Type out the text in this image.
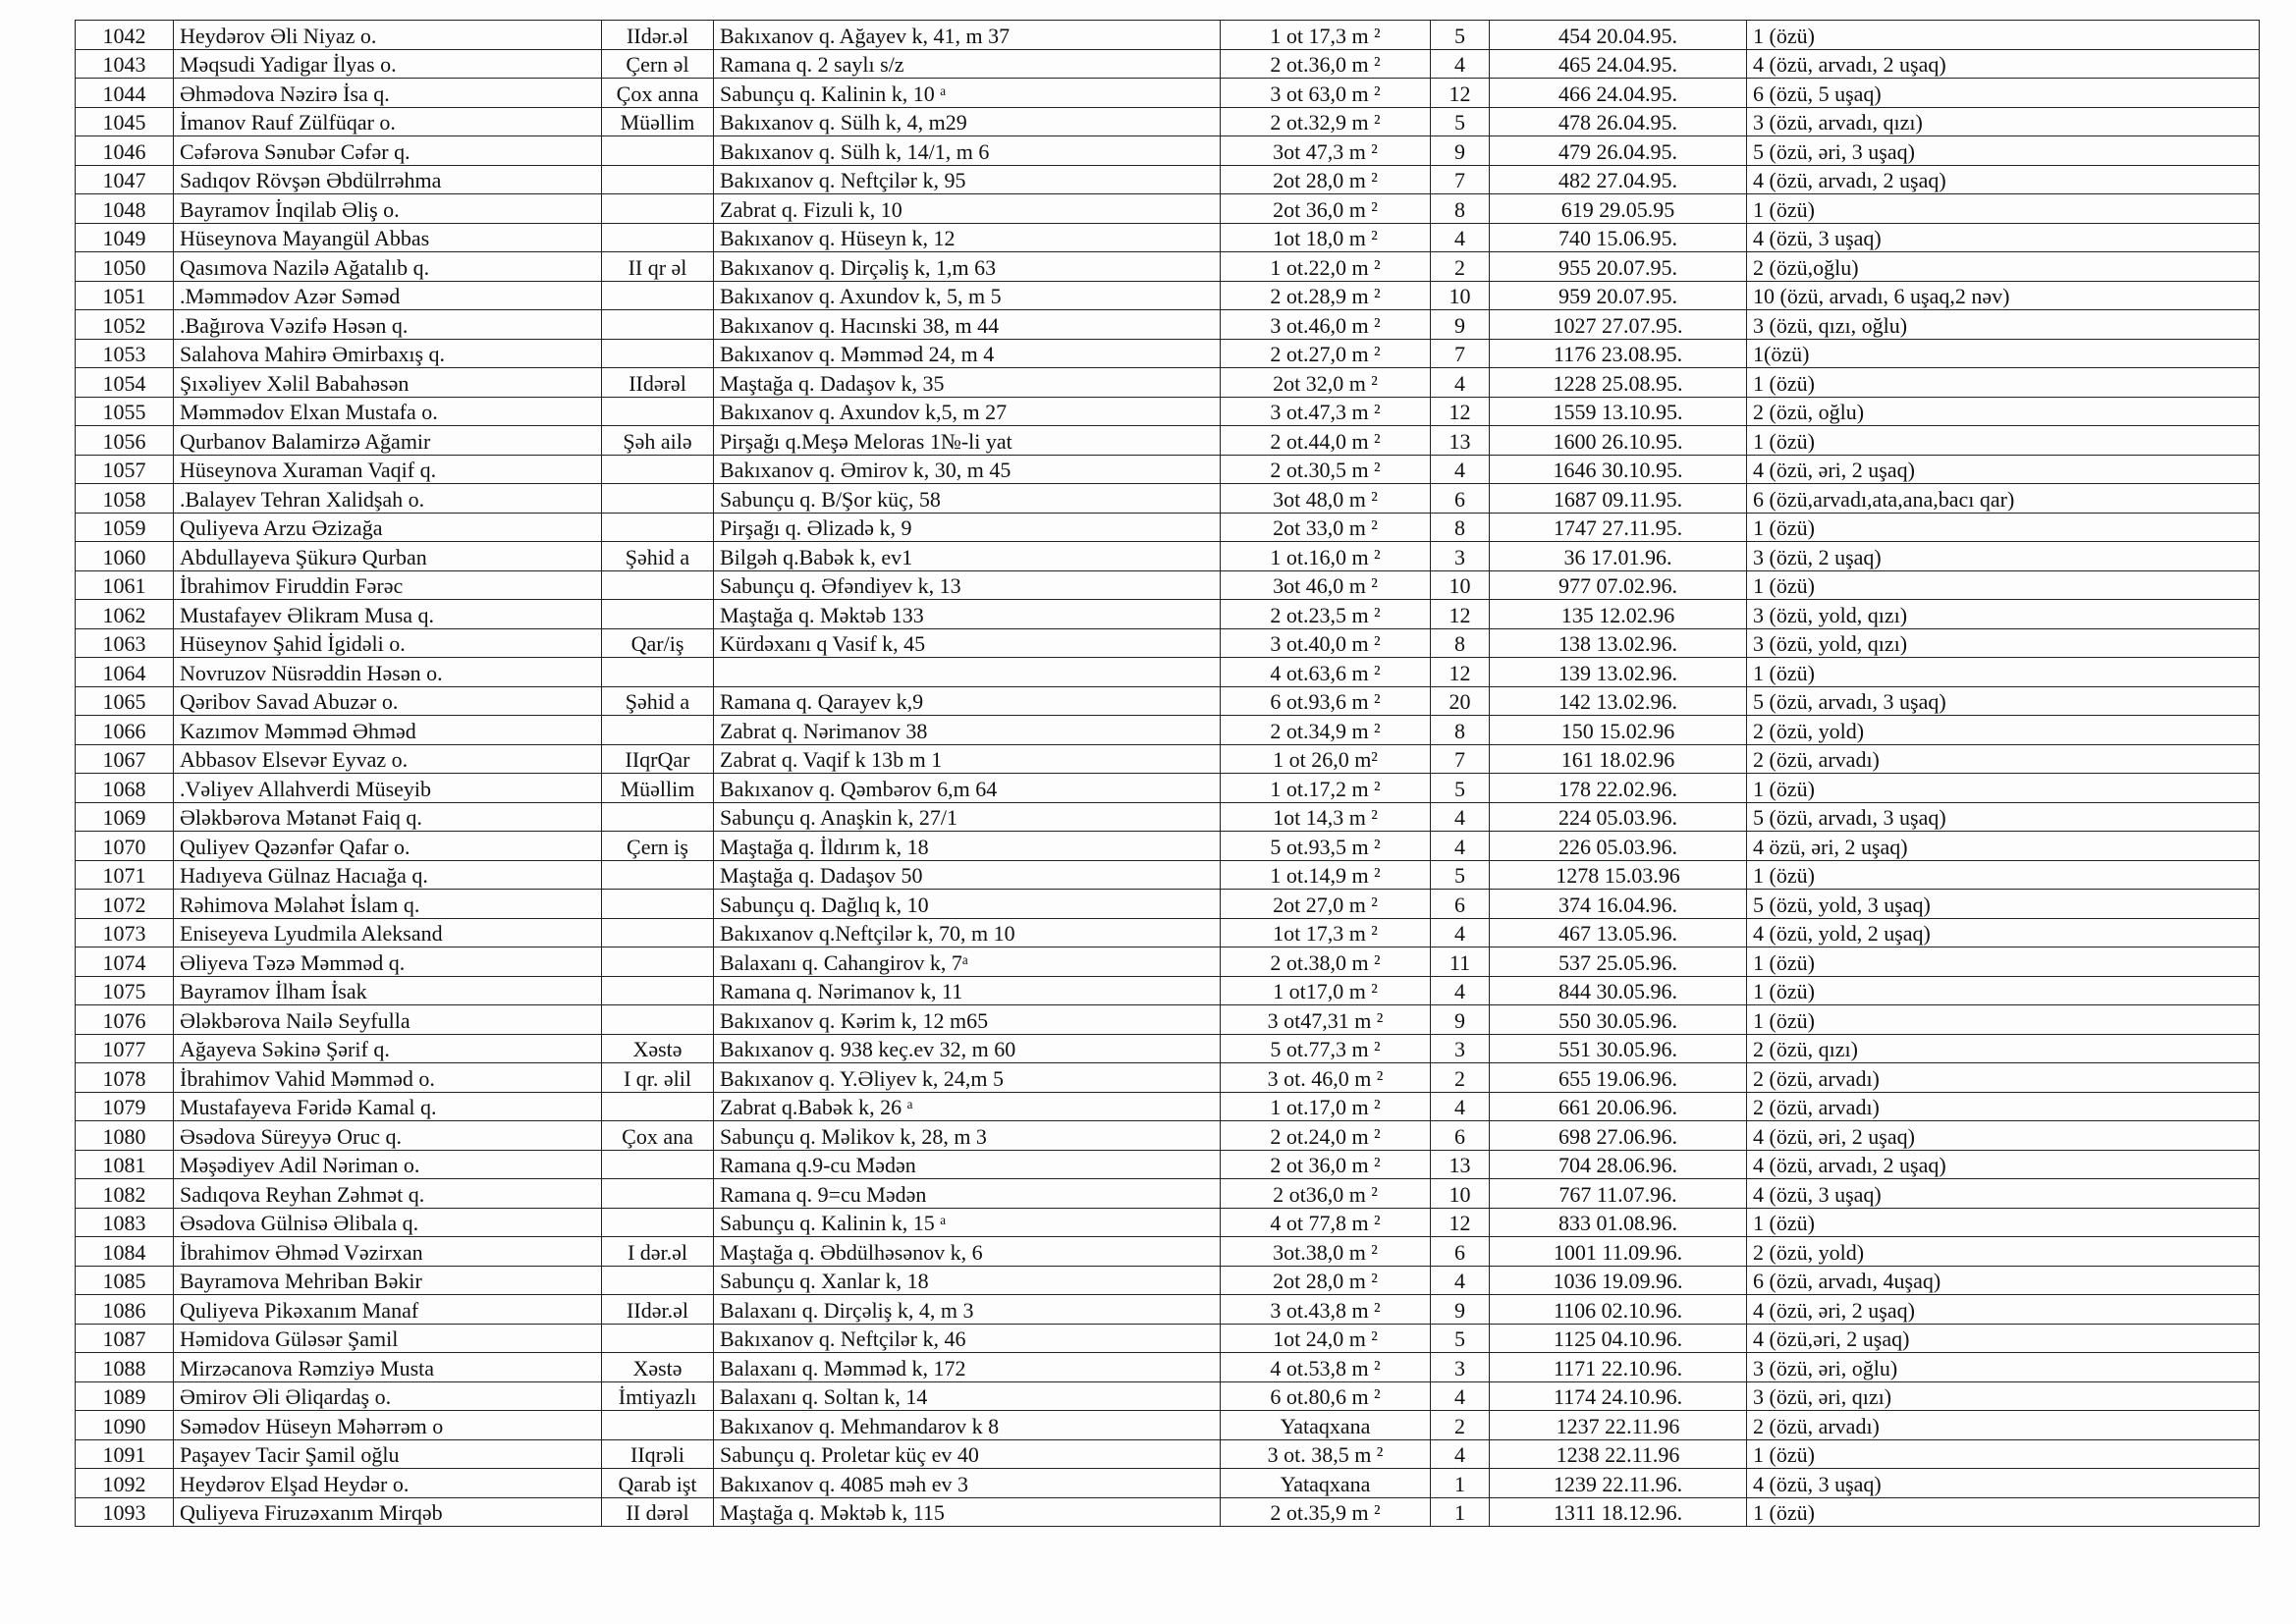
1042	Heydərov Əli Niyaz o.	IIdər.əl	Bakıxanov q. Ağayev k, 41, m 37	1 ot 17,3 m ²	5	454 20.04.95.	1 (özü)
1043	Məqsudi Yadigar İlyas o.	Çern əl	Ramana q. 2 saylı s/z	2 ot.36,0 m ²	4	465 24.04.95.	4 (özü, arvadı, 2 uşaq)
1044	Əhmədova Nəzirə İsa q.	Çox anna	Sabunçu q. Kalinin k, 10 ᵃ	3 ot 63,0 m ²	12	466 24.04.95.	6 (özü, 5 uşaq)
1045	İmanov Rauf Zülfüqar o.	Müəllim	Bakıxanov q. Sülh k, 4, m29	2 ot.32,9 m ²	5	478 26.04.95.	3 (özü, arvadı, qızı)
1046	Cəfərova Sənubər Cəfər q.		Bakıxanov q. Sülh k, 14/1, m 6	3ot 47,3 m ²	9	479 26.04.95.	5 (özü, əri, 3 uşaq)
1047	Sadıqov Rövşən Əbdülrrəhma		Bakıxanov q. Neftçilər k, 95	2ot 28,0 m ²	7	482 27.04.95.	4 (özü, arvadı, 2 uşaq)
1048	Bayramov İnqilab Əliş o.		Zabrat q. Fizuli k, 10	2ot 36,0 m ²	8	619 29.05.95	1 (özü)
1049	Hüseynova Mayangül Abbas		Bakıxanov q. Hüseyn k, 12	1ot 18,0 m ²	4	740 15.06.95.	4 (özü, 3 uşaq)
1050	Qasımova Nazilə Ağatalıb q.	II qr əl	Bakıxanov q. Dirçəliş k, 1,m 63	1 ot.22,0 m ²	2	955 20.07.95.	2 (özü,oğlu)
1051	.Məmmədov Azər Səməd		Bakıxanov q. Axundov k, 5, m 5	2 ot.28,9 m ²	10	959 20.07.95.	10 (özü, arvadı, 6 uşaq,2 nəv)
1052	.Bağırova Vəzifə Həsən q.		Bakıxanov q. Hacınski 38, m 44	3 ot.46,0 m ²	9	1027 27.07.95.	3 (özü, qızı, oğlu)
1053	Salahova Mahirə Əmirbaxış q.		Bakıxanov q. Məmməd 24, m 4	2 ot.27,0 m ²	7	1176 23.08.95.	1(özü)
1054	Şıxəliyev Xəlil Babahəsən	IIdərəl	Maştağa q. Dadaşov k, 35	2ot 32,0 m ²	4	1228 25.08.95.	1 (özü)
1055	Məmmədov Elxan Mustafa o.		Bakıxanov q. Axundov k,5, m 27	3 ot.47,3 m ²	12	1559 13.10.95.	2 (özü, oğlu)
1056	Qurbanov Balamirzə Ağamir	Şəh ailə	Pirşağı q.Meşə Meloras 1№-li yat	2 ot.44,0 m ²	13	1600 26.10.95.	1 (özü)
1057	Hüseynova Xuraman Vaqif q.		Bakıxanov q. Əmirov k, 30, m 45	2 ot.30,5 m ²	4	1646 30.10.95.	4 (özü, əri, 2 uşaq)
1058	.Balayev Tehran Xalidşah o.		Sabunçu q. B/Şor küç, 58	3ot 48,0 m ²	6	1687 09.11.95.	6 (özü,arvadı,ata,ana,bacı qar)
1059	Quliyeva Arzu Əzizağa		Pirşağı q. Əlizadə k, 9	2ot 33,0 m ²	8	1747 27.11.95.	1 (özü)
1060	Abdullayeva Şükurə Qurban	Şəhid a	Bilgəh q.Babək k, ev1	1 ot.16,0 m ²	3	36 17.01.96.	3 (özü, 2 uşaq)
1061	İbrahimov Firuddin Fərəc		Sabunçu q. Əfəndiyev k, 13	3ot 46,0 m ²	10	977 07.02.96.	1 (özü)
1062	Mustafayev Əlikram Musa q.		Maştağa q. Məktəb 133	2 ot.23,5 m ²	12	135 12.02.96	3 (özü, yold, qızı)
1063	Hüseynov Şahid İgidəli o.	Qar/iş	Kürdəxanı q Vasif k, 45	3 ot.40,0 m ²	8	138 13.02.96.	3 (özü, yold, qızı)
1064	Novruzov Nüsrəddin Həsən o.			4 ot.63,6 m ²	12	139 13.02.96.	1 (özü)
1065	Qəribov Savad Abuzər o.	Şəhid a	Ramana q. Qarayev k,9	6 ot.93,6 m ²	20	142 13.02.96.	5 (özü, arvadı, 3 uşaq)
1066	Kazımov Məmməd Əhməd		Zabrat q. Nərimanov 38	2 ot.34,9 m ²	8	150 15.02.96	2 (özü, yold)
1067	Abbasov Elsevər Eyvaz o.	IIqrQar	Zabrat q. Vaqif k 13b m 1	1 ot 26,0 m²	7	161 18.02.96	2 (özü, arvadı)
1068	.Vəliyev Allahverdi Müseyib	Müəllim	Bakıxanov q. Qəmbərov 6,m 64	1 ot.17,2 m ²	5	178 22.02.96.	1 (özü)
1069	Ələkbərova Mətanət Faiq q.		Sabunçu q. Anaşkin k, 27/1	1ot 14,3 m ²	4	224 05.03.96.	5 (özü, arvadı, 3 uşaq)
1070	Quliyev Qəzənfər Qafar o.	Çern iş	Maştağa q. İldırım k, 18	5 ot.93,5 m ²	4	226 05.03.96.	4 özü, əri, 2 uşaq)
1071	Hadıyeva Gülnaz Hacıağa q.		Maştağa q. Dadaşov 50	1 ot.14,9 m ²	5	1278 15.03.96	1 (özü)
1072	Rəhimova Məlahət İslam q.		Sabunçu q. Dağlıq k, 10	2ot 27,0 m ²	6	374 16.04.96.	5 (özü, yold, 3 uşaq)
1073	Eniseyeva Lyudmila Aleksand		Bakıxanov q.Neftçilər k, 70, m 10	1ot 17,3 m ²	4	467 13.05.96.	4 (özü, yold, 2 uşaq)
1074	Əliyeva Təzə Məmməd q.		Balaxanı q. Cahangirov k, 7ᵃ	2 ot.38,0 m ²	11	537 25.05.96.	1 (özü)
1075	Bayramov İlham İsak		Ramana q. Nərimanov k, 11	1 ot17,0 m ²	4	844 30.05.96.	1 (özü)
1076	Ələkbərova Nailə Seyfulla		Bakıxanov q. Kərim k, 12 m65	3 ot47,31 m ²	9	550 30.05.96.	1 (özü)
1077	Ağayeva Səkinə Şərif q.	Xəstə	Bakıxanov q. 938 keç.ev 32, m 60	5 ot.77,3 m ²	3	551 30.05.96.	2 (özü, qızı)
1078	İbrahimov Vahid Məmməd o.	I qr. əlil	Bakıxanov q. Y.Əliyev k, 24,m 5	3 ot. 46,0 m ²	2	655 19.06.96.	2 (özü, arvadı)
1079	Mustafayeva Fəridə Kamal q.		Zabrat q.Babək k, 26 ᵃ	1 ot.17,0 m ²	4	661 20.06.96.	2 (özü, arvadı)
1080	Əsədova Süreyyə Oruc q.	Çox ana	Sabunçu q. Məlikov k, 28, m 3	2 ot.24,0 m ²	6	698 27.06.96.	4 (özü, əri, 2 uşaq)
1081	Məşədiyev Adil Nəriman o.		Ramana q.9-cu Mədən	2 ot 36,0 m ²	13	704 28.06.96.	4 (özü, arvadı, 2 uşaq)
1082	Sadıqova Reyhan Zəhmət q.		Ramana q. 9=cu Mədən	2 ot36,0 m ²	10	767 11.07.96.	4 (özü, 3 uşaq)
1083	Əsədova Gülnisə Əlibala q.		Sabunçu q. Kalinin k, 15 ᵃ	4 ot 77,8 m ²	12	833 01.08.96.	1 (özü)
1084	İbrahimov Əhməd Vəzirxan	I dər.əl	Maştağa q. Əbdülhəsənov k, 6	3ot.38,0 m ²	6	1001 11.09.96.	2 (özü, yold)
1085	Bayramova Mehriban Bəkir		Sabunçu q. Xanlar k, 18	2ot 28,0 m ²	4	1036 19.09.96.	6 (özü, arvadı, 4uşaq)
1086	Quliyeva Pikəxanım Manaf	IIdər.əl	Balaxanı q. Dirçəliş k, 4, m 3	3 ot.43,8 m ²	9	1106 02.10.96.	4 (özü, əri, 2 uşaq)
1087	Həmidova Güləsər Şamil		Bakıxanov q. Neftçilər k, 46	1ot 24,0 m ²	5	1125 04.10.96.	4 (özü,əri, 2 uşaq)
1088	Mirzəcanova Rəmziyə Musta	Xəstə	Balaxanı q. Məmməd k, 172	4 ot.53,8 m ²	3	1171 22.10.96.	3 (özü, əri, oğlu)
1089	Əmirov Əli Əliqardaş o.	İmtiyazlı	Balaxanı q. Soltan k, 14	6 ot.80,6 m ²	4	1174 24.10.96.	3 (özü, əri, qızı)
1090	Səmədov Hüseyn Məhərrəm o		Bakıxanov q. Mehmandarov k 8	Yataqxana	2	1237 22.11.96	2 (özü, arvadı)
1091	Paşayev Tacir Şamil oğlu	IIqrəli	Sabunçu q. Proletar küç ev 40	3 ot. 38,5 m ²	4	1238 22.11.96	1 (özü)
1092	Heydərov Elşad Heydər o.	Qarab işt	Bakıxanov q. 4085 məh ev 3	Yataqxana	1	1239 22.11.96.	4 (özü, 3 uşaq)
1093	Quliyeva Firuzəxanım Mirqəb	II dərəl	Maştağa q. Məktəb k, 115	2 ot.35,9 m ²	1	1311 18.12.96.	1 (özü)
